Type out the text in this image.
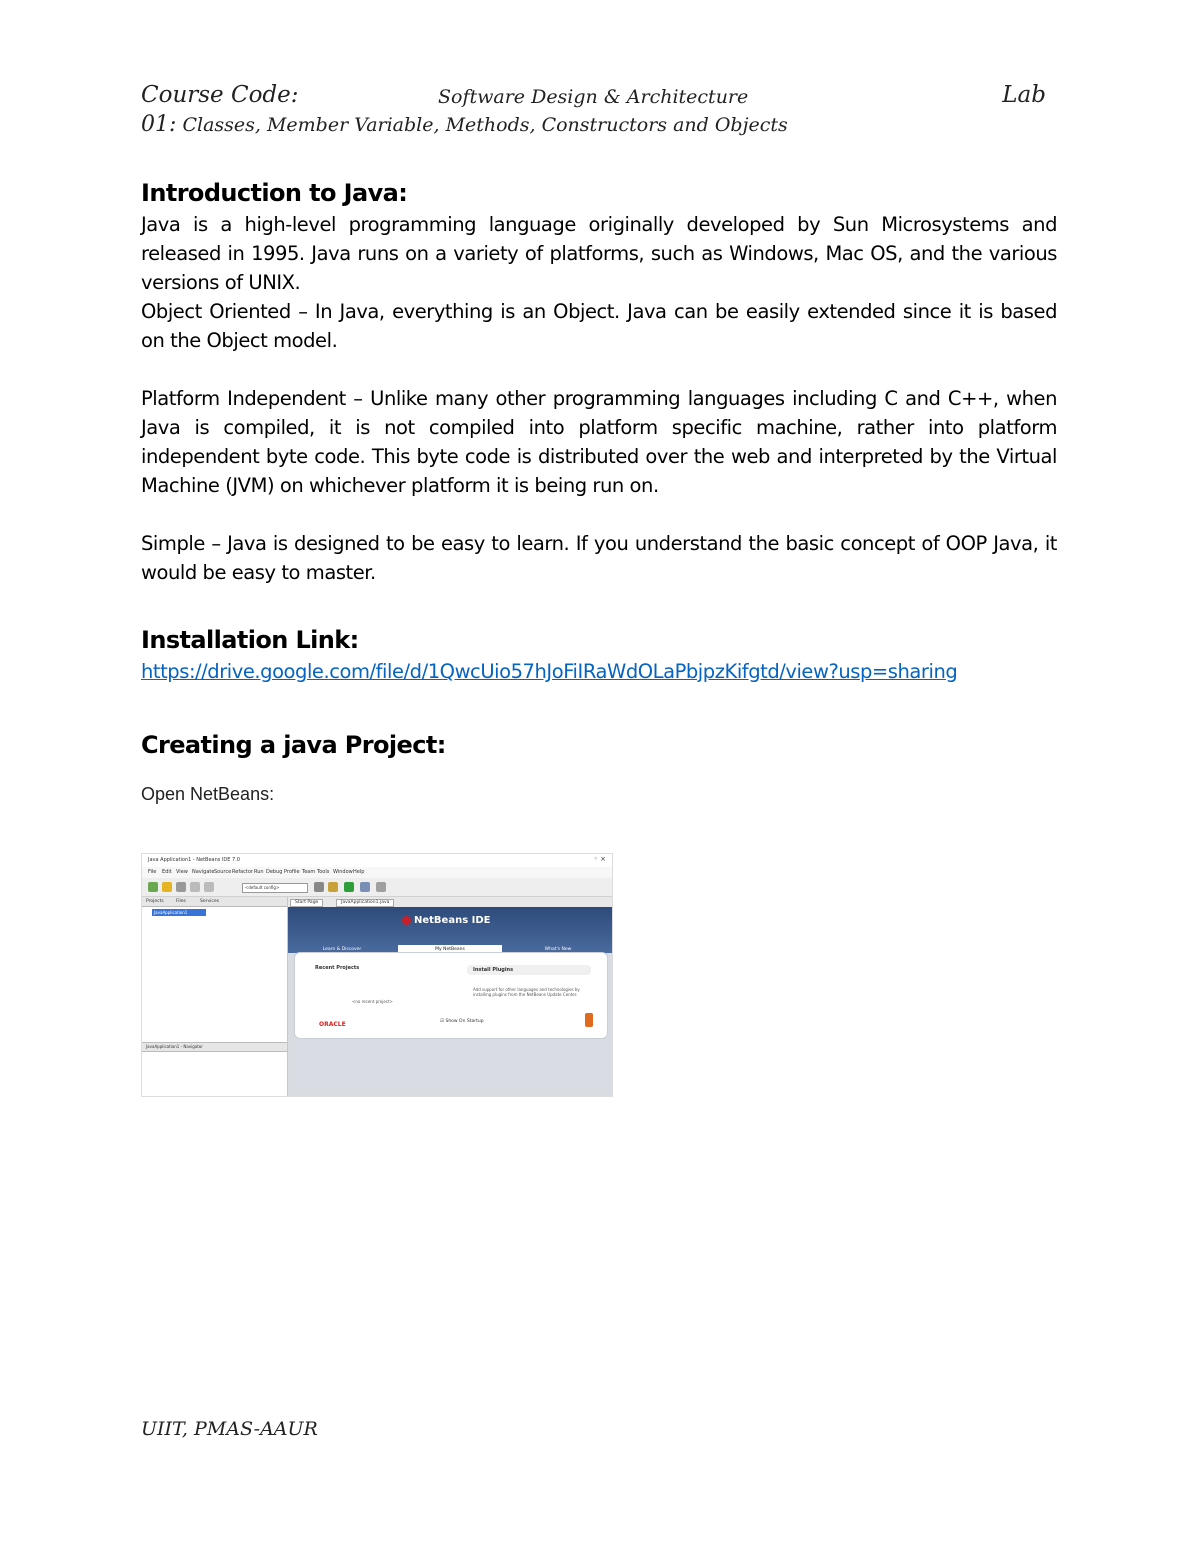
Course Code:	Software Design & Architecture	Lab
01: Classes, Member Variable, Methods, Constructors and Objects
Introduction to Java:

Java is a high-level programming language originally developed by Sun Microsystems and released in 1995. Java runs on a variety of platforms, such as Windows, Mac OS, and the various versions of UNIX.

Object Oriented – In Java, everything is an Object. Java can be easily extended since it is based on the Object model.

Platform Independent – Unlike many other programming languages including C and C++, when Java is compiled, it is not compiled into platform specific machine, rather into platform independent byte code. This byte code is distributed over the web and interpreted by the Virtual Machine (JVM) on whichever platform it is being run on.

Simple – Java is designed to be easy to learn. If you understand the basic concept of OOP Java, it would be easy to master.

Installation Link:
https://drive.google.com/file/d/1QwcUio57hJoFiIRaWdOLaPbjpzKifgtd/view?usp=sharing
Creating a java Project:
Open NetBeans:
Java Application1 - NetBeans IDE 7.0	◦ ×
File Edit View Navigate Source Refactor Run Debug Profile Team Tools Window Help
<default config>
Projects	Files	Services
JavaApplication1
JavaApplication1 - Navigator
Start Page	JavaApplication1.java
NetBeans IDE
Learn & Discover	My NetBeans	What's New
Recent Projects
<no recent project>
Install Plugins
Add support for other languages and technologies by installing plugins from the NetBeans Update Center.
ORACLE	☑ Show On Startup
UIIT, PMAS-AAUR
